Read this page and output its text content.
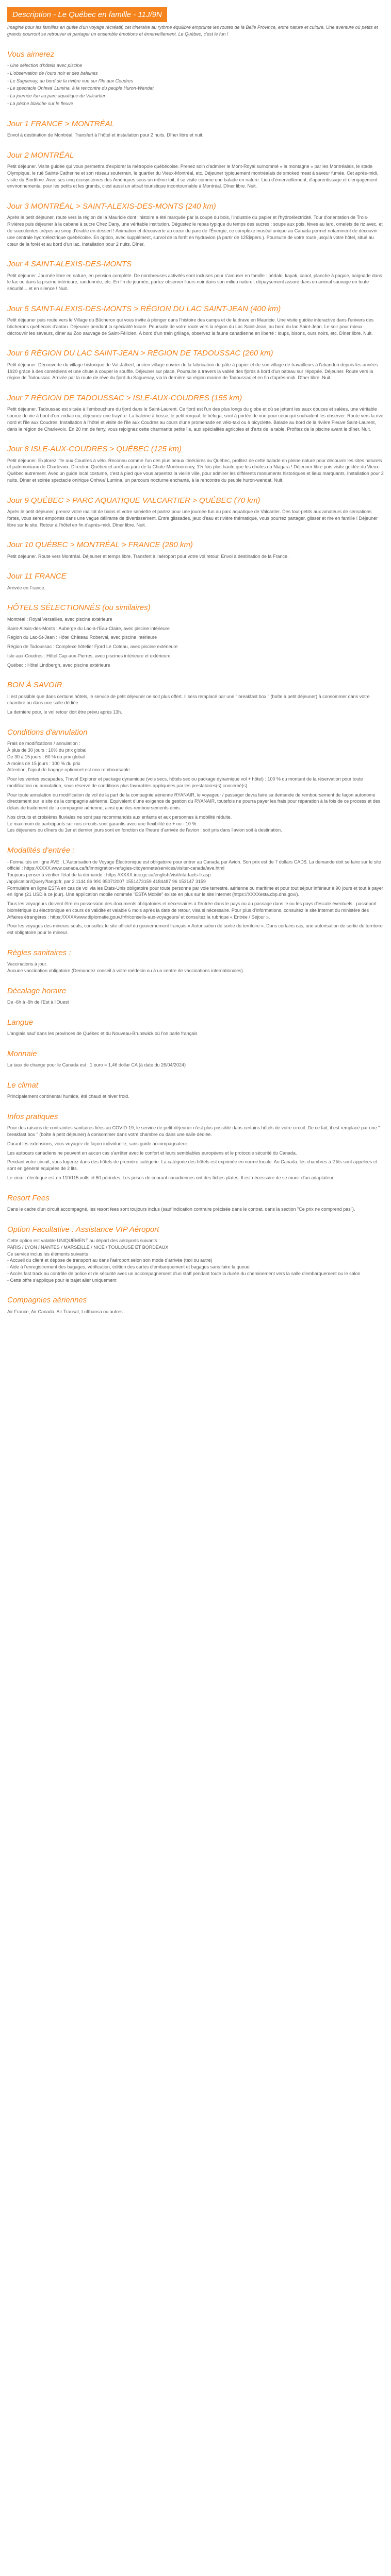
Description - Le Québec en famille - 11J/9N

Imaginé pour les familles en quête d'un voyage récréatif, cet itinéraire au rythme équilibré emprunte les routes de la Belle Province, entre nature et culture. Une aventure où petits et grands pourront se retrouver et partager un ensemble émotions et émerveillement. Le Québec, c'est le fun !

Vous aimerez
- Une sélection d'hôtels avec piscine
- L'observation de l'ours noir et des baleines
- Le Saguenay, au bord de la rivière vue sur l'île aux Coudres
- Le spectacle Onhwa' Lumina, à la rencontre du peuple Huron-Wendat
- La journée fun au parc aquatique de Valcartier
- La pêche blanche sur le fleuve
Jour 1 FRANCE > MONTRÉAL

Envol à destination de Montréal. Transfert à l'hôtel et installation pour 2 nuits. Dîner libre et nuit.

Jour 2 MONTRÉAL

Petit déjeuner. Visite guidée qui vous permettra d'explorer la métropole québécoise. Prenez soin d'admirer le Mont-Royal surnommé « la montagne » par les Montréalais, le stade Olympique, le ruê Sainte-Catherine et son réseau souterrain, le quartier du Vieux-Montréal, etc. Déjeuner typiquement montréalais de smoked meat à saveur fumée. Cet après-midi, visite du Biodôme. Avec ses cinq écosystèmes des Amériques sous un même toit, il se visite comme une balade en nature. Lieu d'émerveillement, d'apprentissage et d'engagement environnemental pour les petits et les grands, c'est aussi un attrait touristique incontournable à Montréal. Dîner libre. Nuit.

Jour 3 MONTRÉAL > SAINT-ALEXIS-DES-MONTS (240 km)

Après le petit déjeuner, route vers la région de la Mauricie dont l'histoire a été marquée par la coupe du bois, l'industrie du papier et l'hydroélectricité. Tour d'orientation de Trois-Rivières puis déjeuner à la cabane à sucre Chez Dany, une véritable institution. Dégustez le repas typique du temps des sucres : soupe aux pois, fèves au lard, omelets de riz avec, et de succulentes crêpes au sirop d'érable en dessert ! Animation et découverte au cœur du parc de l'Énergie, ce complexe muséal unique au Canada permet notamment de découvrir une centrale hydroélectrique québécoise. En option, avec supplément, survol de la forêt en hydravion (à partir de 125$/pers.). Poursuite de votre route jusqu'à votre hôtel, situé au cœur de la forêt et au bord d'un lac. Installation pour 2 nuits. Dîner.

Jour 4 SAINT-ALEXIS-DES-MONTS

Petit déjeuner. Journée libre en nature, en pension complète. De nombreuses activités sont incluses pour s'amuser en famille : pédalo, kayak, canot, planche à pagaie, baignade dans le lac ou dans la piscine intérieure, randonnée, etc. En fin de journée, partez observer l'ours noir dans son milieu naturel, dépaysement assuré dans un animal sauvage en toute sécurité... et en silence ! Nuit.

Jour 5 SAINT-ALEXIS-DES-MONTS > RÉGION DU LAC SAINT-JEAN (400 km)

Petit déjeuner puis route vers le Village du Bûcheron qui vous invite à plonger dans l'histoire des camps et de la drave en Mauricie. Une visite guidée interactive dans l'univers des bûcherons québécois d'antan. Déjeuner pendant la spécialité locale. Poursuite de votre route vers la région du Lac Saint-Jean, au bord du lac Saint-Jean. Le soir pour mieux décrouvrir les saveurs, dîner au Zoo sauvage de Saint-Félicien. À bord d'un train grillagé, observez la faune canadienne en liberté : loups, bisons, ours noirs, etc. Dîner libre. Nuit.

Jour 6 RÉGION DU LAC SAINT-JEAN > RÉGION DE TADOUSSAC (260 km)

Petit déjeuner. Découverte du village historique de Val-Jalbert, ancien village ouvrier de la fabrication de pâte à papier et de son village de travailleurs à l'abandon depuis les années 1920 grâce à des comédiens et une chute à couper le souffle. Déjeuner sur place. Poursuite à travers la vallée des fjords à bord d'un bateau sur l'épopée. Déjeuner. Route vers la région de Tadoussac. Arrivée par la route de rêve du fjord du Saguenay, via la dernière sa région marine de Tadoussac et en fin d'après-midi. Dîner libre. Nuit.

Jour 7 RÉGION DE TADOUSSAC > ISLE-AUX-COUDRES (155 km)

Petit déjeuner. Tadoussac est située à l'embouchure du fjord dans le Saint-Laurent. Ce fjord est l'un des plus longs du globe et où se jettent les eaux douces et salées, une véritable source de vie à bord d'un zodiac ou, déjeunez une frayère. La baleine à bosse, le petit rorqual, le béluga, sont à portée de vue pour ceux qui souhaitent les observer. Route vers la rive nord et l'île aux Coudres. Installation à l'hôtel et visite de l'île aux Coudres au cours d'une promenade en vélo-taxi ou à bicyclette. Balade au bord de la rivière Fleuve Saint-Laurent, dans la région de Charlevoix. En 20 mn de ferry, vous rejoignez cette charmante petite île, aux spécialités agricoles et d'arts de la table. Profitez de la piscine avant le dîner. Nuit.

Jour 8 ISLE-AUX-COUDRES > QUÉBEC (125 km)

Petit déjeuner. Explorez l'île aux Coudres à vélo. Reconnu comme l'un des plus beaux itinéraires au Québec, profitez de cette balade en pleine nature pour découvrir les sites naturels et patrimoniaux de Charlevoix. Direction Québec et arrêt au parc de la Chute-Montmorency, 1½ fois plus haute que les chutes du Niagara ! Déjeuner libre puis visite guidée du Vieux-Québec autrement. Avec un guide local costumé, c'est à pied que vous arpentez la vieille ville, pour admirer les différents monuments historiques et lieux marquants. Installation pour 2 nuits. Dîner et soirée spectacle onirique Onhwa' Lumina, un parcours nocturne enchanté, à la rencontre du peuple huron-wendat. Nuit.

Jour 9 QUÉBEC > PARC AQUATIQUE VALCARTIER > QUÉBEC (70 km)

Après le petit déjeuner, prenez votre maillot de bains et votre serviette et partez pour une journée fun au parc aquatique de Valcartier. Des tout-petits aux amateurs de sensations fortes, vous serez emportés dans une vague délirante de divertissement. Entre glissades, jeux d'eau et rivière thématique, vous pourrez partager, glisser et rire en famille ! Déjeuner libre sur le site. Retour à l'hôtel en fin d'après-midi. Dîner libre. Nuit.

Jour 10 QUÉBEC > MONTRÉAL > FRANCE (280 km)

Petit déjeuner. Route vers Montréal. Déjeuner et temps libre. Transfert à l'aéroport pour votre vol retour. Envol à destination de la France.

Jour 11 FRANCE

Arrivée en France.

HÔTELS SÉLECTIONNÉS (ou similaires)

Montréal : Royal Versailles, avec piscine extérieure

Saint-Alexis-des-Monts : Auberge du Lac-à-l'Eau-Claire, avec piscine intérieure

Région du Lac-St-Jean : Hôtel Château Roberval, avec piscine intérieure

Région de Tadoussac : Complexe hôtelier Fjord Le Coteau, avec piscine extérieure

Isle-aux-Coudres : Hôtel Cap-aux-Pierres, avec piscines intérieure et extérieure

Québec : Hôtel Lindbergh, avec piscine extérieure

BON À SAVOIR

Il est possible que dans certains hôtels, le service de petit déjeuner ne soit plus offert. Il sera remplacé par une " breakfast box " (boîte à petit déjeuner) à consommer dans votre chambre ou dans une salle dédiée.

La dernière pour, le vol retour doit être prévu après 13h.

Conditions d'annulation

Frais de modifications / annulation :
À plus de 30 jours : 10% du prix global
De 30 à 15 jours : 60 % du prix global
A moins de 15 jours : 100 % du prix
Attention, l'ajout de bagage optionnel est non remboursable.

Pour les ventes escapades, Travel Explorer et package dynamique (vols secs, hôtels sec ou package dynamique vol + hôtel) : 100 % du montant de la réservation pour toute modification ou annulation, sous réserve de conditions plus favorables appliquées par les prestataires(s) concerné(s).

Pour toute annulation ou modification de vol de la part de la compagnie aérienne RYANAIR, le voyageur / passager devra faire sa demande de remboursement de façon autonome directement sur le site de la compagnie aérienne. Equivalent d'une exigence de gestion du RYANAIR, toutefois ne pourra payer les frais pour réparation à la fois de ce process et des délais de traitement de la compagnie aérienne, ainsi que des remboursements émis.

Nos circuits et croisières fluviales ne sont pas recommandés aux enfants et aux personnes à mobilité réduite.
Le maximum de participants sur nos circuits sont garantis avec une flexibilité de + ou - 10 %.
Les déjeuners ou dîners du 1er et dernier jours sont en fonction de l'heure d'arrivée de l'avion : soit pris dans l'avion soit à destination.

Modalités d'entrée :

- Formalités en ligne AVE : L'Autorisation de Voyage Électronique est obligatoire pour entrer au Canada par Avion. Son prix est de 7 dollars CAD$. La demande doit se faire sur le site officiel : https://XXXX.www.canada.ca/fr/immigration-refugies-citoyennete/services/visiter-canada/ave.html
Toujours penser à vérifier l'état de la demande : https://XXXX.ircc.gc.ca/english/visit/eta-facts-fr.asp
/application/Query?lang=fr, par 2 1144 86 991 9507/2007 1551473159 4184487 96 153147 3159
Formulaire en ligne ESTA en cas de vol via les États-Unis obligatoire pour toute personne par voie terrestre, aérienne ou maritime et pour tout séjour inférieur à 90 jours et tout à payer en ligne (21 USD à ce jour). Une application mobile nommée "ESTA Mobile" existe en plus sur le site internet (https://XXXXesta.cbp.dhs.gov/).

Tous les voyageurs doivent être en possession des documents obligatoires et nécessaires à l'entrée dans le pays ou au passage dans le ou les pays d'escale éventuels : passeport biométrique ou électronique en cours de validité et valable 6 mois après la date de retour, visa si nécessaire. Pour plus d'informations, consultez le site internet du ministère des Affaires étrangères : https://XXXXwww.diplomatie.gouv.fr/fr/conseils-aux-voyageurs/ et consultez la rubrique « Entrée / Séjour ».

Pour les voyages des mineurs seuls, consultez le site officiel du gouvernement français « Autorisation de sortie du territoire ». Dans certains cas, une autorisation de sortie de territoire est obligatoire pour le mineur.

Règles sanitaires :

Vaccinations à jour.
Aucune vaccination obligatoire (Demandez conseil à votre médecin ou à un centre de vaccinations internationales).

Décalage horaire

De -6h à -9h de l'Est à l'Ouest

Langue

L'anglais sauf dans les provinces de Québec et du Nouveau-Brunswick où l'on parle français

Monnaie

La taux de change pour le Canada est : 1 euro = 1,46 dollar CA (à date du 26/04/2024)

Le climat

Principalement continental humide, été chaud et hiver froid.

Infos pratiques

Pour des raisons de contraintes sanitaires liées au COVID-19, le service de petit-déjeuner n'est plus possible dans certains hôtels de votre circuit. De ce fait, il est remplacé par une " breakfast box " (boîte à petit déjeuner) à consommer dans votre chambre ou dans une salle dédiée.

Durant les extensions, vous voyagez de façon individuelle, sans guide accompagnateur.

Les autocars canadiens ne peuvent en aucun cas s'arrêter avec le confort et leurs semblables européens et le protocole sécurité du Canada.

Pendant votre circuit, vous logerez dans des hôtels de première catégorie. La catégorie des hôtels est exprimée en norme locale. Au Canada, les chambres à 2 lits sont appelées et sont en général équipées de 2 lits.

Le circuit électrique est en 110/115 volts et 60 périodes. Les prises de courant canadiennes ont des fiches plates. Il est nécessaire de se munir d'un adaptateur.

Resort Fees

Dans le cadre d'un circuit accompagné, les resort fees sont toujours inclus (sauf indication contraire précisée dans le contrat, dans la section "Ce prix ne comprend pas").

Option Facultative : Assistance VIP Aéroport

Cette option est valable UNIQUEMENT au départ des aéroports suivants :
PARIS / LYON / NANTES / MARSEILLE / NICE / TOULOUSE ET BORDEAUX
Ce service inclus les éléments suivants :
- Accueil du client et dépose de transport au dans l'aéroport selon son mode d'arrivée (taxi ou autre)
- Aide à l'enregistrement des bagages, vérification, édition des cartes d'embarquement et bagages sans faire la queue
- Accès fast track au contrôle de police et de sécurité avec un accompagnement d'un staff pendant toute la durée du cheminement vers la salle d'embarquement ou le salon
- Cette offre s'applique pour le trajet aller uniquement

Compagnies aériennes

Air France, Air Canada, Air Transat, Lufthansa ou autres ...
